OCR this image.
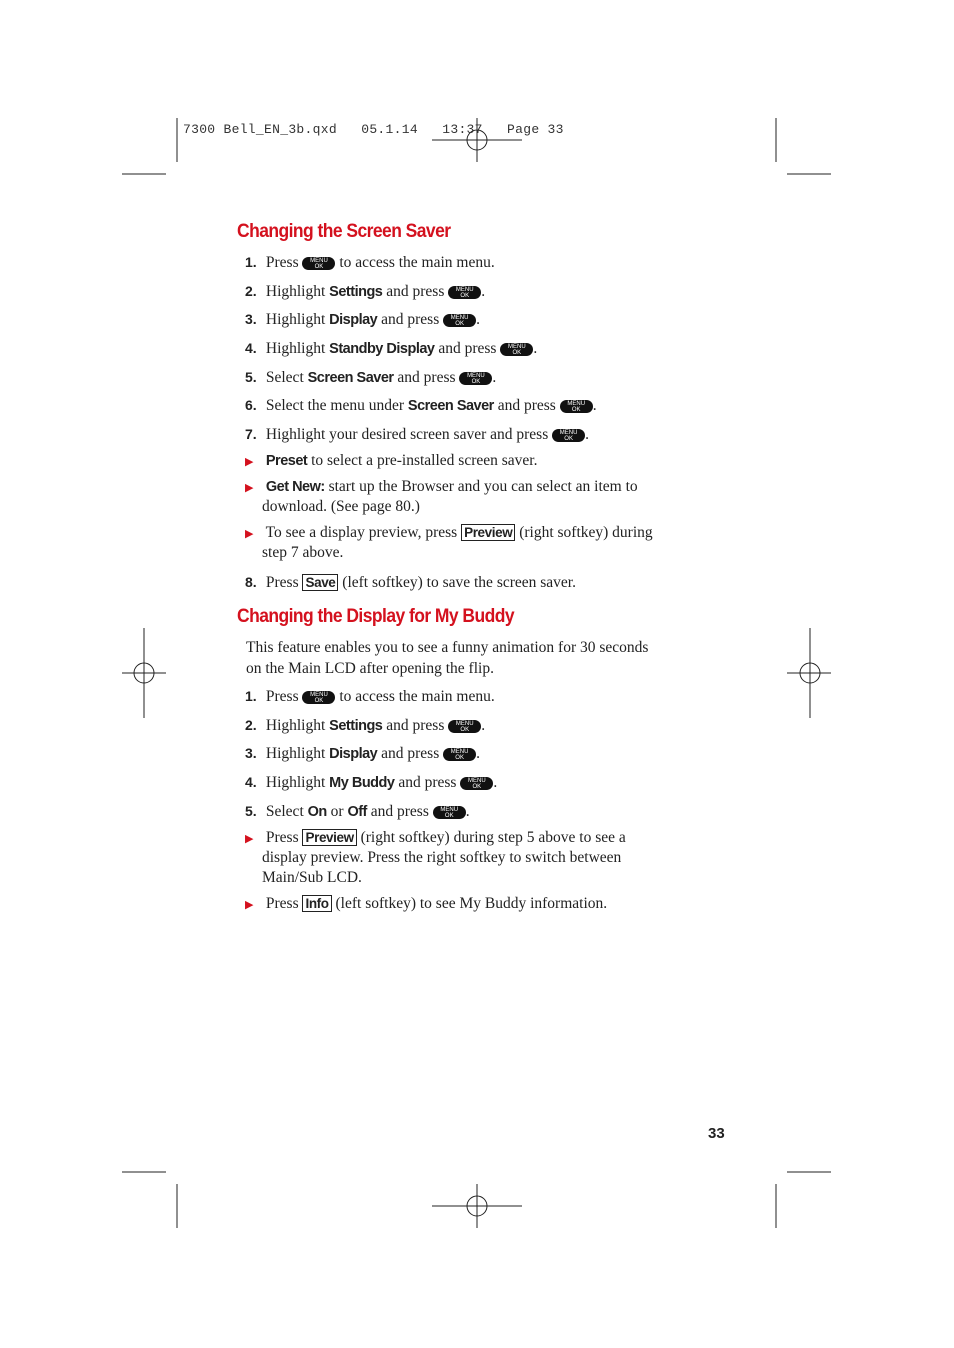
7300 Bell_EN_3b.qxd   05.1.14   13:37   Page 33
Changing the Screen Saver
1. Press MENU
OK to access the main menu.
2. Highlight Settings and press MENU
OK .
3. Highlight Display and press MENU
OK .
4. Highlight Standby Display and press MENU
OK .
5. Select Screen Saver and press MENU
OK .
6. Select the menu under Screen Saver and press MENU
OK .
7. Highlight your desired screen saver and press MENU
OK .
▶ Preset to select a pre-installed screen saver.
▶ Get New: start up the Browser and you can select an item to
download. (See page 80.)
▶ To see a display preview, press Preview (right softkey) during
step 7 above.
8. Press Save (left softkey) to save the screen saver.
Changing the Display for My Buddy
This feature enables you to see a funny animation for 30 seconds
on the Main LCD after opening the flip.
1. Press MENU
OK to access the main menu.
2. Highlight Settings and press MENU
OK .
3. Highlight Display and press MENU
OK .
4. Highlight My Buddy and press MENU
OK .
5. Select On or Off and press MENU
OK .
▶ Press Preview (right softkey) during step 5 above to see a
display preview. Press the right softkey to switch between
Main/Sub LCD.
▶ Press Info (left softkey) to see My Buddy information.
33
